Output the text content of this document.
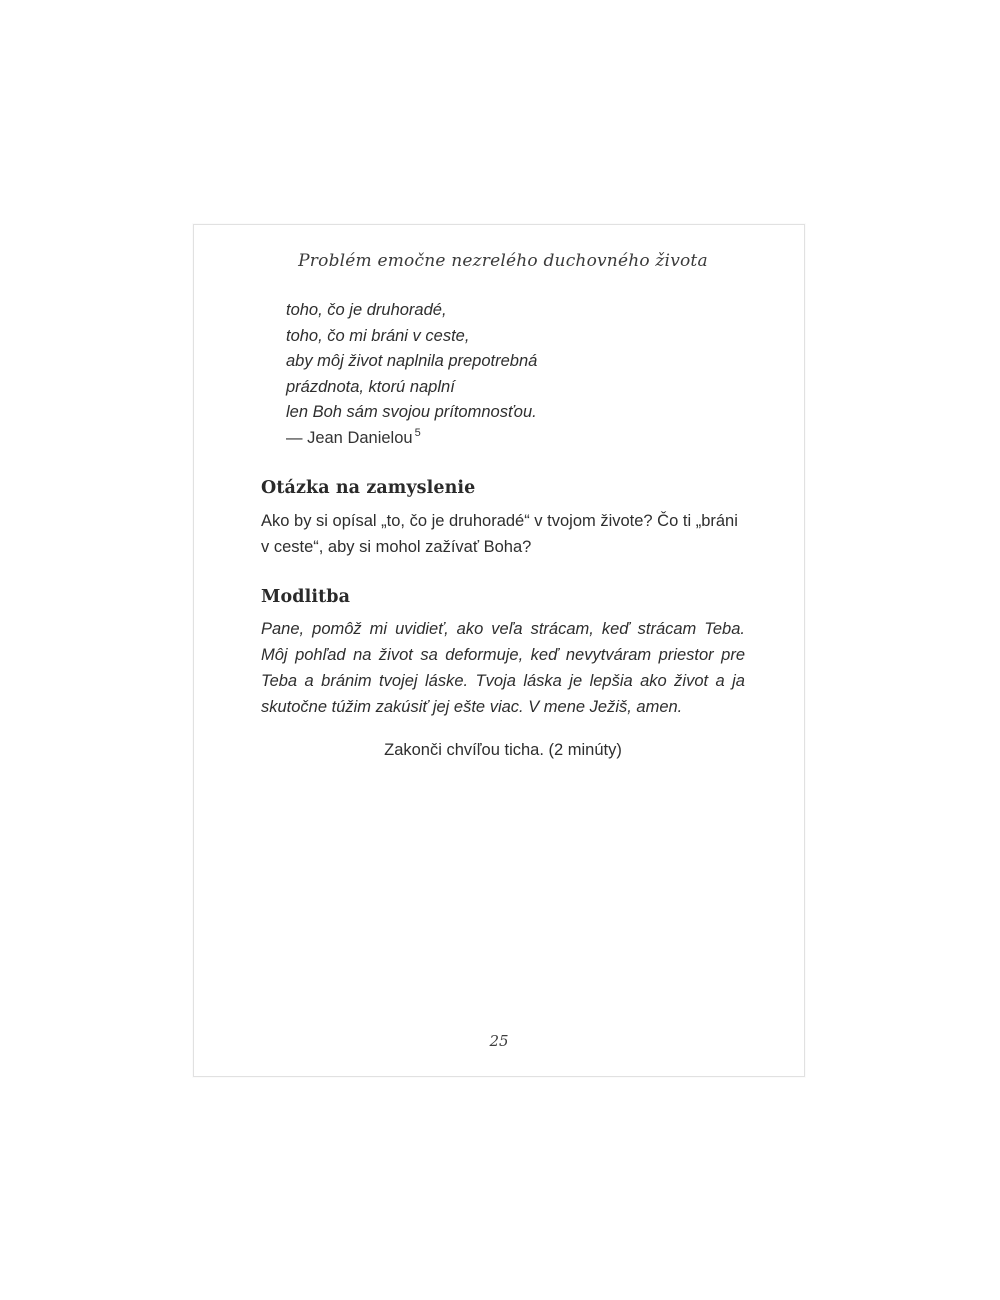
Problém emočne nezrelého duchovného života
toho, čo je druhoradé,
toho, čo mi bráni v ceste,
aby môj život naplnila prepotrebná
prázdnota, ktorú naplní
len Boh sám svojou prítomnosťou.
— Jean Danielou $^5$
Otázka na zamyslenie
Ako by si opísal „to, čo je druhoradé“ v tvojom živote? Čo ti „bráni v ceste“, aby si mohol zažívať Boha?
Modlitba
Pane, pomôž mi uvidieť, ako veľa strácam, keď strácam Teba. Môj pohľad na život sa deformuje, keď nevytváram priestor pre Teba a bránim tvojej láske. Tvoja láska je lepšia ako život a ja skutočne túžim zakúsiť jej ešte viac. V mene Ježiš, amen.
Zakonči chvíľou ticha. (2 minúty)
25
